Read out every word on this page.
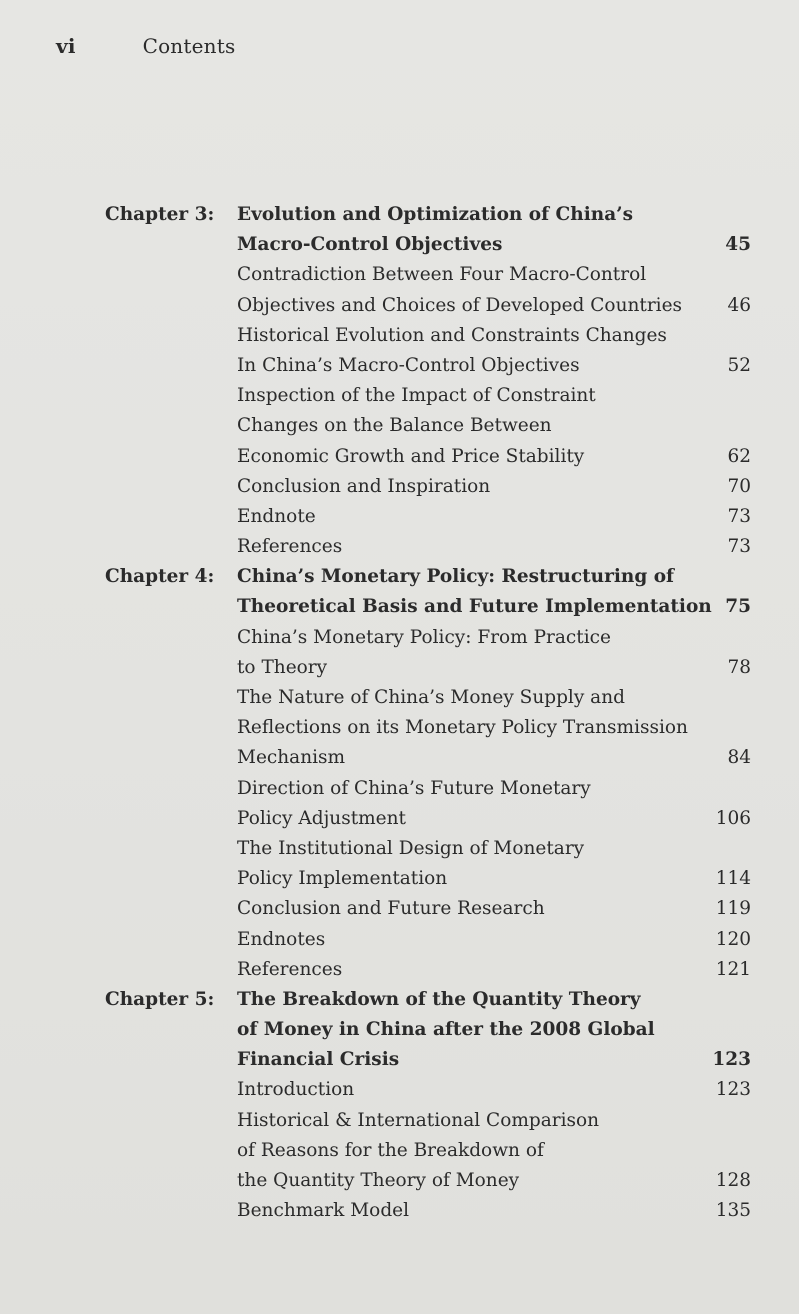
vi	Contents
Chapter 3: Evolution and Optimization of China’s
Macro-Control Objectives	45
Contradiction Between Four Macro-Control
Objectives and Choices of Developed Countries 46
Historical Evolution and Constraints Changes
In China’s Macro-Control Objectives	52
Inspection of the Impact of Constraint
Changes on the Balance Between
Economic Growth and Price Stability	62
Conclusion and Inspiration	70
Endnote	73
References	73
Chapter 4: China’s Monetary Policy: Restructuring of
Theoretical Basis and Future Implementation 75
China’s Monetary Policy: From Practice
to Theory	78
The Nature of China’s Money Supply and
Reflections on its Monetary Policy Transmission
Mechanism	84
Direction of China’s Future Monetary
Policy Adjustment	106
The Institutional Design of Monetary
Policy Implementation	114
Conclusion and Future Research	119
Endnotes	120
References	121
Chapter 5: The Breakdown of the Quantity Theory
of Money in China after the 2008 Global
Financial Crisis	123
Introduction	123
Historical & International Comparison
of Reasons for the Breakdown of
the Quantity Theory of Money	128
Benchmark Model	135
